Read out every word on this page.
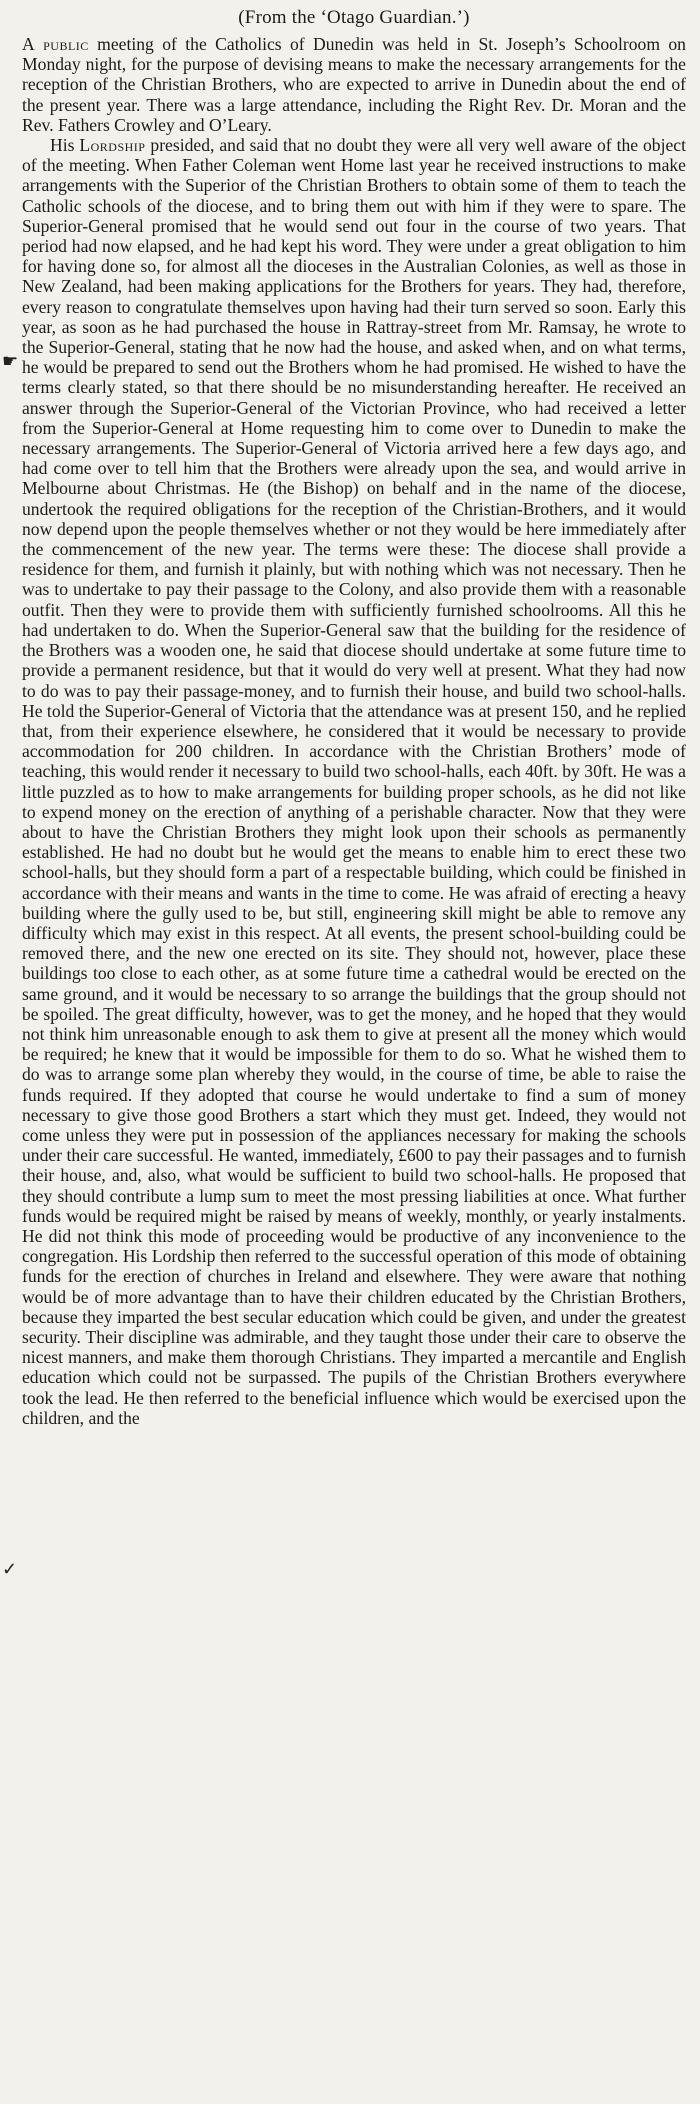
(From the ‘Otago Guardian.’)

A public meeting of the Catholics of Dunedin was held in St. Joseph’s Schoolroom on Monday night, for the purpose of devising means to make the necessary arrangements for the reception of the Christian Brothers, who are expected to arrive in Dunedin about the end of the present year. There was a large attendance, including the Right Rev. Dr. Moran and the Rev. Fathers Crowley and O’Leary.

His Lordship presided, and said that no doubt they were all very well aware of the object of the meeting. When Father Coleman went Home last year he received instructions to make arrangements with the Superior of the Christian Brothers to obtain some of them to teach the Catholic schools of the diocese, and to bring them out with him if they were to spare. The Superior-General promised that he would send out four in the course of two years. That period had now elapsed, and he had kept his word. They were under a great obligation to him for having done so, for almost all the dioceses in the Australian Colonies, as well as those in New Zealand, had been making applications for the Brothers for years. They had, therefore, every reason to congratulate themselves upon having had their turn served so soon. Early this year, as soon as he had purchased the house in Rattray-street from Mr. Ramsay, he wrote to the Superior-General, stating that he now had the house, and asked when, and on what terms, he would be prepared to send out the Brothers whom he had promised. He wished to have the terms clearly stated, so that there should be no misunderstanding hereafter. He received an answer through the Superior-General of the Victorian Province, who had received a letter from the Superior-General at Home requesting him to come over to Dunedin to make the necessary arrangements. The Superior-General of Victoria arrived here a few days ago, and had come over to tell him that the Brothers were already upon the sea, and would arrive in Melbourne about Christmas. He (the Bishop) on behalf and in the name of the diocese, undertook the required obligations for the reception of the Christian-Brothers, and it would now depend upon the people themselves whether or not they would be here immediately after the commencement of the new year. The terms were these: The diocese shall provide a residence for them, and furnish it plainly, but with nothing which was not necessary. Then he was to undertake to pay their passage to the Colony, and also provide them with a reasonable outfit. Then they were to provide them with sufficiently furnished schoolrooms. All this he had undertaken to do. When the Superior-General saw that the building for the residence of the Brothers was a wooden one, he said that diocese should undertake at some future time to provide a permanent residence, but that it would do very well at present. What they had now to do was to pay their passage-money, and to furnish their house, and build two school-halls. He told the Superior-General of Victoria that the attendance was at present 150, and he replied that, from their experience elsewhere, he considered that it would be necessary to provide accommodation for 200 children. In accordance with the Christian Brothers’ mode of teaching, this would render it necessary to build two school-halls, each 40ft. by 30ft. He was a little puzzled as to how to make arrangements for building proper schools, as he did not like to expend money on the erection of anything of a perishable character. Now that they were about to have the Christian Brothers they might look upon their schools as permanently established. He had no doubt but he would get the means to enable him to erect these two school-halls, but they should form a part of a respectable building, which could be finished in accordance with their means and wants in the time to come. He was afraid of erecting a heavy building where the gully used to be, but still, engineering skill might be able to remove any difficulty which may exist in this respect. At all events, the present school-building could be removed there, and the new one erected on its site. They should not, however, place these buildings too close to each other, as at some future time a cathedral would be erected on the same ground, and it would be necessary to so arrange the buildings that the group should not be spoiled. The great difficulty, however, was to get the money, and he hoped that they would not think him unreasonable enough to ask them to give at present all the money which would be required; he knew that it would be impossible for them to do so. What he wished them to do was to arrange some plan whereby they would, in the course of time, be able to raise the funds required. If they adopted that course he would undertake to find a sum of money necessary to give those good Brothers a start which they must get. Indeed, they would not come unless they were put in possession of the appliances necessary for making the schools under their care successful. He wanted, immediately, £600 to pay their passages and to furnish their house, and, also, what would be sufficient to build two school-halls. He proposed that they should contribute a lump sum to meet the most pressing liabilities at once. What further funds would be required might be raised by means of weekly, monthly, or yearly instalments. He did not think this mode of proceeding would be productive of any inconvenience to the congregation. His Lordship then referred to the successful operation of this mode of obtaining funds for the erection of churches in Ireland and elsewhere. They were aware that nothing would be of more advantage than to have their children educated by the Christian Brothers, because they imparted the best secular education which could be given, and under the greatest security. Their discipline was admirable, and they taught those under their care to observe the nicest manners, and make them thorough Christians. They imparted a mercantile and English education which could not be surpassed. The pupils of the Christian Brothers everywhere took the lead. He then referred to the beneficial influence which would be exercised upon the children, and the

☛
✓
